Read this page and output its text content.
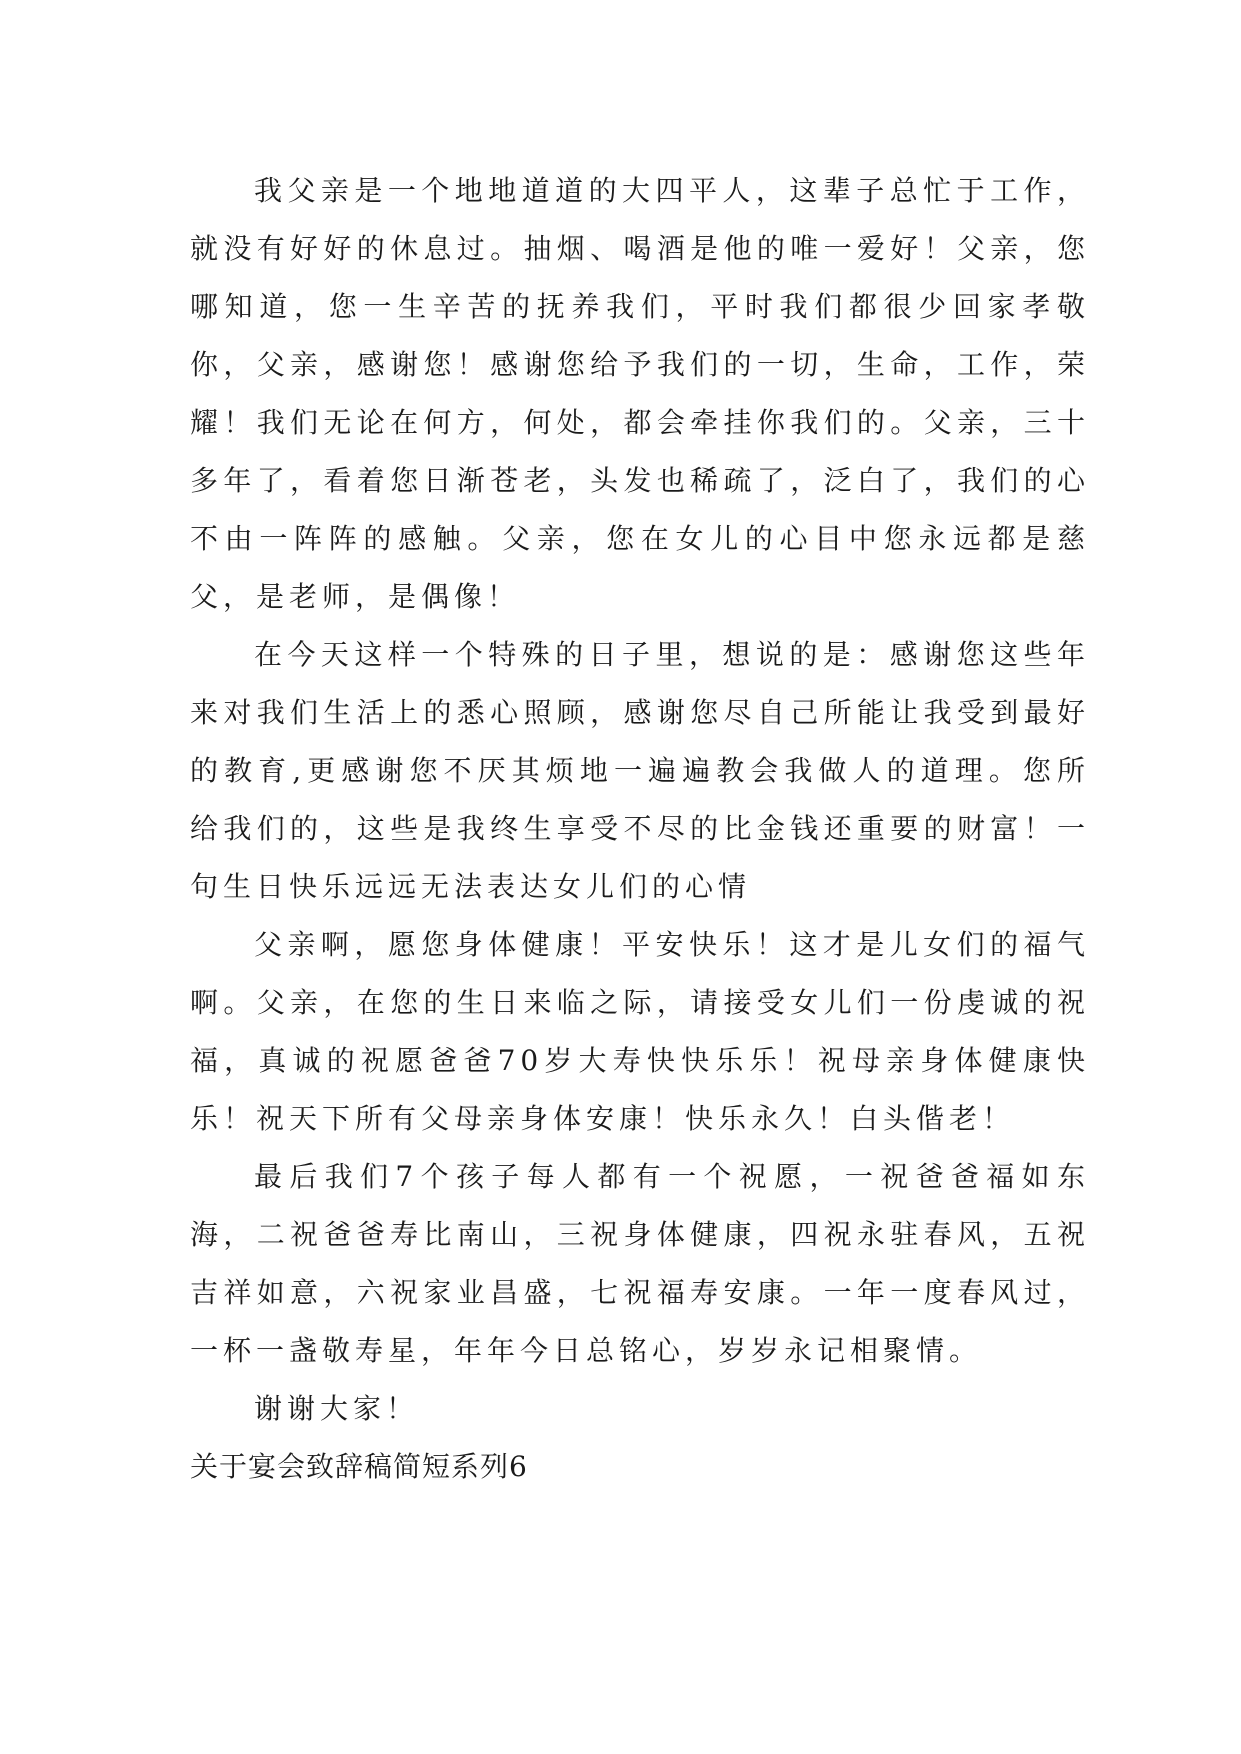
我父亲是一个地地道道的大四平人，这辈子总忙于工作，就没有好好的休息过。抽烟、喝酒是他的唯一爱好！父亲，您哪知道，您一生辛苦的抚养我们，平时我们都很少回家孝敬你，父亲，感谢您！感谢您给予我们的一切，生命，工作，荣耀！我们无论在何方，何处，都会牵挂你我们的。父亲，三十多年了，看着您日渐苍老，头发也稀疏了，泛白了，我们的心不由一阵阵的感触。父亲，您在女儿的心目中您永远都是慈父，是老师，是偶像！

在今天这样一个特殊的日子里，想说的是：感谢您这些年来对我们生活上的悉心照顾，感谢您尽自己所能让我受到最好的教育,更感谢您不厌其烦地一遍遍教会我做人的道理。您所给我们的，这些是我终生享受不尽的比金钱还重要的财富！一句生日快乐远远无法表达女儿们的心情

父亲啊，愿您身体健康！平安快乐！这才是儿女们的福气啊。父亲，在您的生日来临之际，请接受女儿们一份虔诚的祝福，真诚的祝愿爸爸70岁大寿快快乐乐！祝母亲身体健康快乐！祝天下所有父母亲身体安康！快乐永久！白头偕老！

最后我们7个孩子每人都有一个祝愿，一祝爸爸福如东海，二祝爸爸寿比南山，三祝身体健康，四祝永驻春风，五祝吉祥如意，六祝家业昌盛，七祝福寿安康。一年一度春风过，一杯一盏敬寿星，年年今日总铭心，岁岁永记相聚情。

谢谢大家！

关于宴会致辞稿简短系列6
